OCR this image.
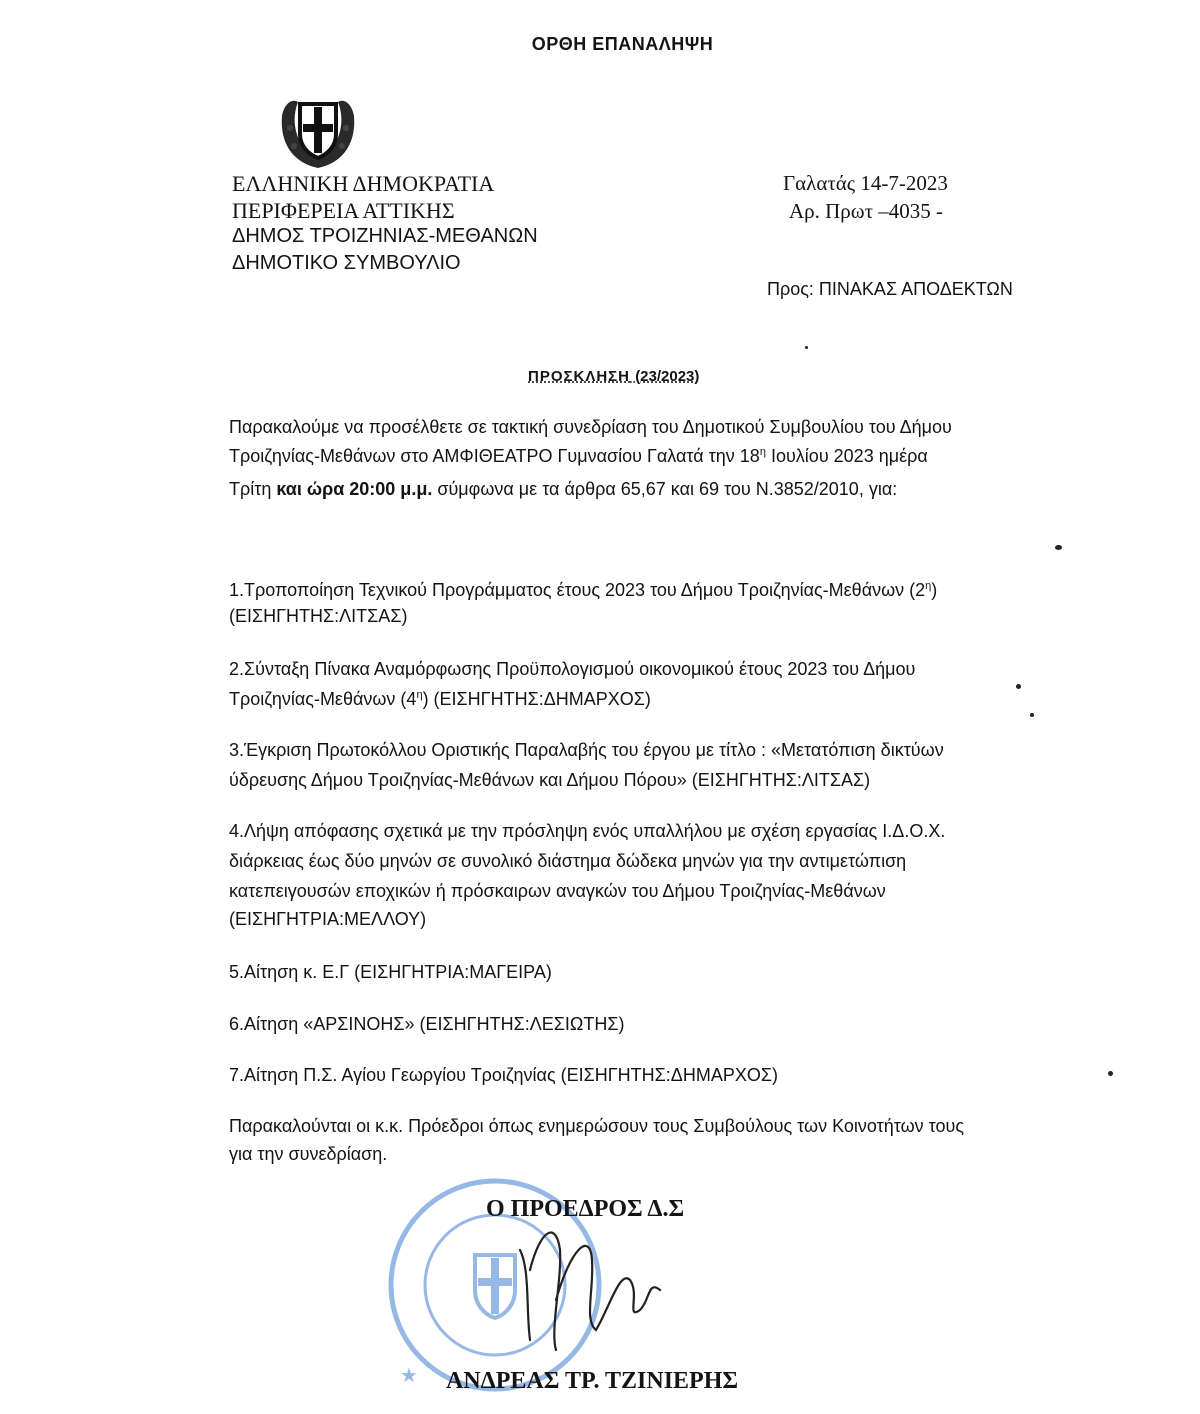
ΟΡΘΗ ΕΠΑΝΑΛΗΨΗ
ΕΛΛΗΝΙΚΗ ΔΗΜΟΚΡΑΤΙΑ
ΠΕΡΙΦΕΡΕΙΑ ΑΤΤΙΚΗΣ
ΔΗΜΟΣ ΤΡΟΙΖΗΝΙΑΣ-ΜΕΘΑΝΩΝ
ΔΗΜΟΤΙΚΟ ΣΥΜΒΟΥΛΙΟ
Γαλατάς 14-7-2023
Αρ. Πρωτ –4035 -
Προς: ΠΙΝΑΚΑΣ ΑΠΟΔΕΚΤΩΝ
ΠΡΟΣΚΛΗΣΗ (23/2023)
Παρακαλούμε να προσέλθετε σε τακτική συνεδρίαση του Δημοτικού Συμβουλίου του Δήμου
Τροιζηνίας-Μεθάνων στο ΑΜΦΙΘΕΑΤΡΟ Γυμνασίου Γαλατά την $18^\eta$ Ιουλίου 2023 ημέρα
Τρίτη και ώρα 20:00 μ.μ. σύμφωνα με τα άρθρα 65,67 και 69 του Ν.3852/2010, για:
1.Τροποποίηση Τεχνικού Προγράμματος έτους 2023 του Δήμου Τροιζηνίας-Μεθάνων $(2^\eta)$
(ΕΙΣΗΓΗΤΗΣ:ΛΙΤΣΑΣ)
2.Σύνταξη Πίνακα Αναμόρφωσης Προϋπολογισμού οικονομικού έτους 2023 του Δήμου
Τροιζηνίας-Μεθάνων $(4^\eta)$ (ΕΙΣΗΓΗΤΗΣ:ΔΗΜΑΡΧΟΣ)
3.Έγκριση Πρωτοκόλλου Οριστικής Παραλαβής του έργου με τίτλο : «Μετατόπιση δικτύων
ύδρευσης Δήμου Τροιζηνίας-Μεθάνων και Δήμου Πόρου» (ΕΙΣΗΓΗΤΗΣ:ΛΙΤΣΑΣ)
4.Λήψη απόφασης σχετικά με την πρόσληψη ενός υπαλλήλου με σχέση εργασίας Ι.Δ.Ο.Χ.
διάρκειας έως δύο μηνών σε συνολικό διάστημα δώδεκα μηνών για την αντιμετώπιση
κατεπειγουσών εποχικών ή πρόσκαιρων αναγκών του Δήμου Τροιζηνίας-Μεθάνων
(ΕΙΣΗΓΗΤΡΙΑ:ΜΕΛΛΟΥ)
5.Αίτηση κ. Ε.Γ (ΕΙΣΗΓΗΤΡΙΑ:ΜΑΓΕΙΡΑ)
6.Αίτηση «ΑΡΣΙΝΟΗΣ» (ΕΙΣΗΓΗΤΗΣ:ΛΕΣΙΩΤΗΣ)
7.Αίτηση Π.Σ. Αγίου Γεωργίου Τροιζηνίας (ΕΙΣΗΓΗΤΗΣ:ΔΗΜΑΡΧΟΣ)
Παρακαλούνται οι κ.κ. Πρόεδροι όπως ενημερώσουν τους Συμβούλους των Κοινοτήτων τους
για την συνεδρίαση.
★
Ο ΠΡΟΕΔΡΟΣ Δ.Σ
ΑΝΔΡΕΑΣ ΤΡ. ΤΖΙΝΙΕΡΗΣ
